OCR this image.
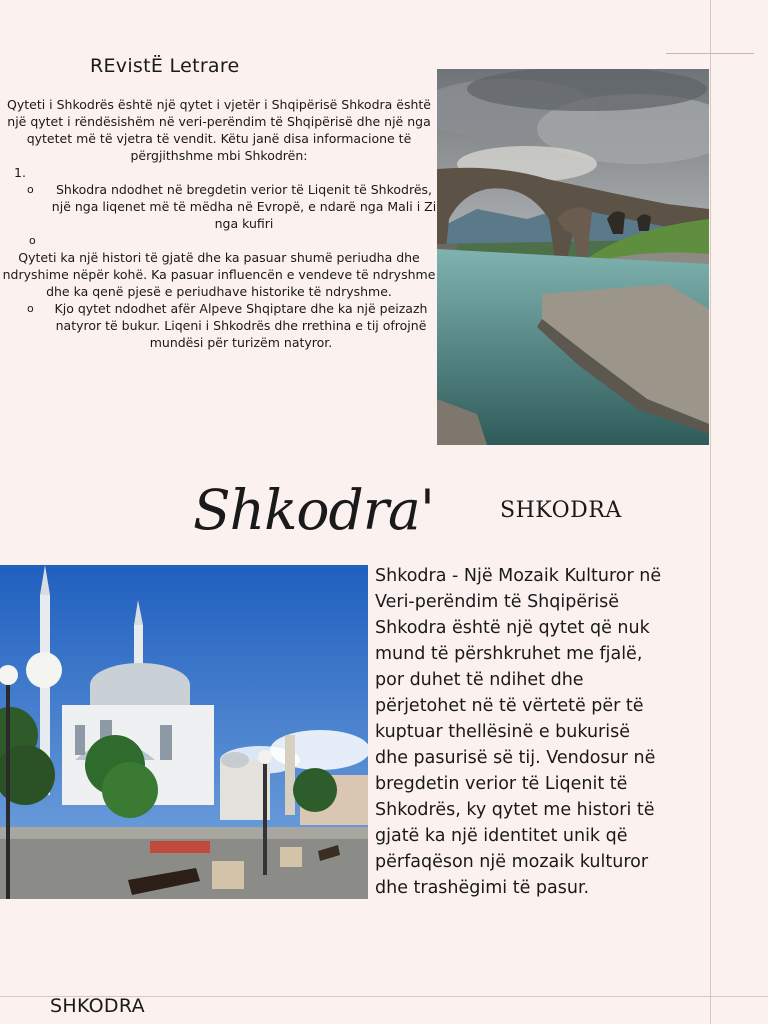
REvistË Letrare

Qyteti i Shkodrës është një qytet i vjetër i Shqipërisë Shkodra është një qytet i rëndësishëm në veri-perëndim të Shqipërisë dhe një nga qytetet më të vjetra të vendit. Këtu janë disa informacione të përgjithshme mbi Shkodrën:

1.

o	Shkodra ndodhet në bregdetin verior të Liqenit të Shkodrës, një nga liqenet më të mëdha në Evropë, e ndarë nga Mali i Zi nga kufiri

o

Qyteti ka një histori të gjatë dhe ka pasuar shumë periudha dhe ndryshime nëpër kohë. Ka pasuar influencën e vendeve të ndryshme dhe ka qenë pjesë e periudhave historike të ndryshme.

o	Kjo qytet ndodhet afër Alpeve Shqiptare dhe ka një peizazh natyror të bukur. Liqeni i Shkodrës dhe rrethina e tij ofrojnë mundësi për turizëm natyror.

Shkodra'	SHKODRA

Shkodra - Një Mozaik Kulturor në
Veri-perëndim të Shqipërisë
Shkodra është një qytet që nuk
mund të përshkruhet me fjalë,
por duhet të ndihet dhe
përjetohet në të vërtetë për të
kuptuar thellësinë e bukurisë
dhe pasurisë së tij. Vendosur në
bregdetin verior të Liqenit të
Shkodrës, ky qytet me histori të
gjatë ka një identitet unik që
përfaqëson një mozaik kulturor
dhe trashëgimi të pasur.

SHKODRA
